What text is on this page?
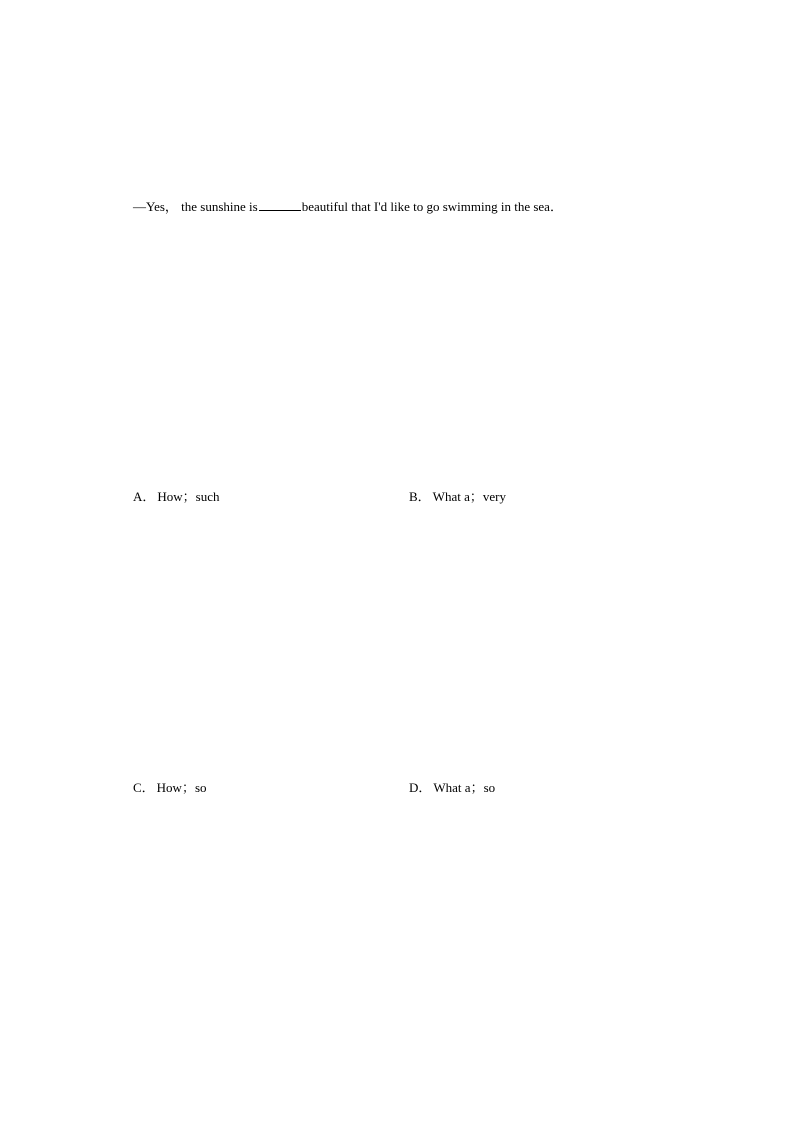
—Yes， the sunshine is	beautiful that I'd like to go swimming in the sea．
A． How；such	B． What a；very
C． How；so	D． What a；so
